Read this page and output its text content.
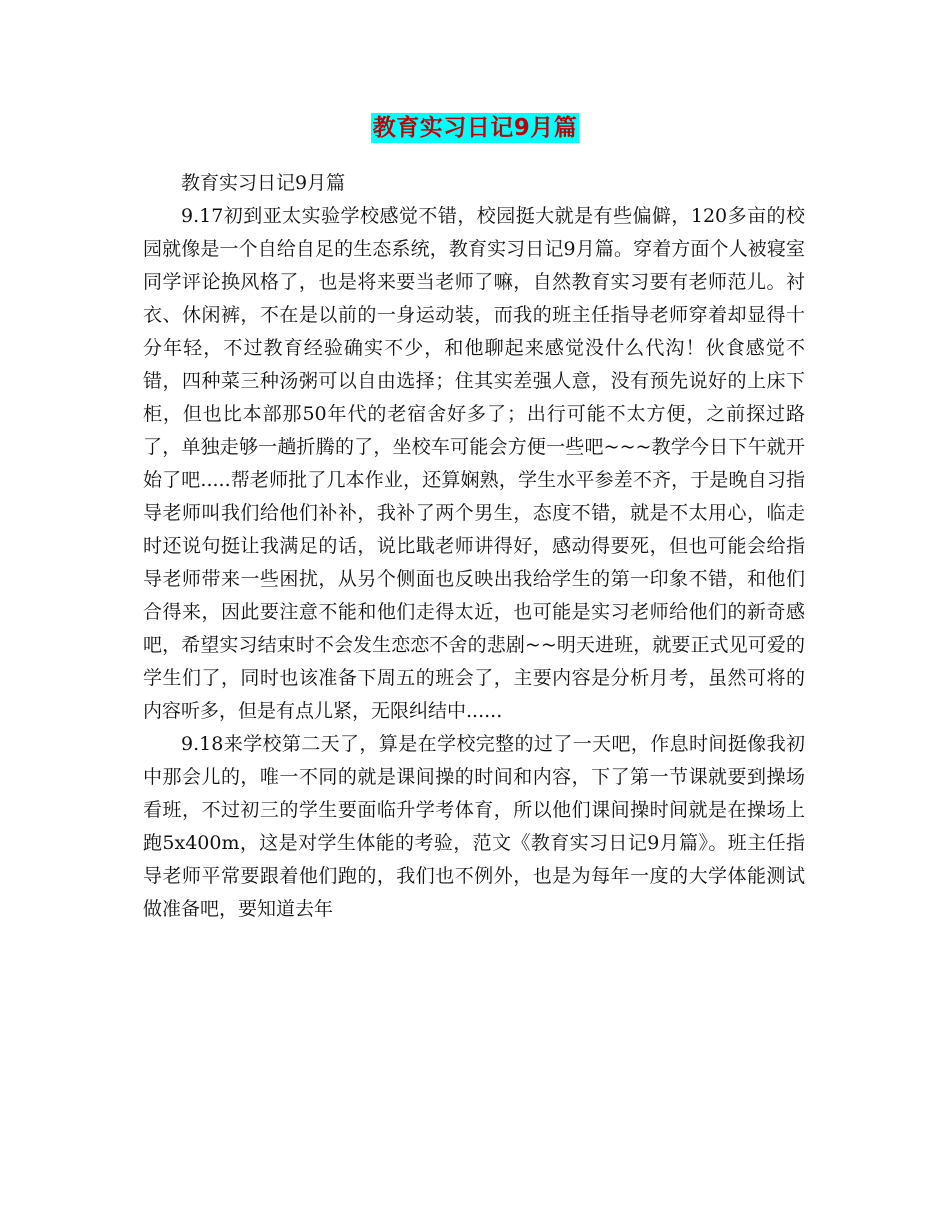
教育实习日记9月篇

教育实习日记9月篇

9.17初到亚太实验学校感觉不错，校园挺大就是有些偏僻，120多亩的校园就像是一个自给自足的生态系统，教育实习日记9月篇。穿着方面个人被寝室同学评论换风格了，也是将来要当老师了嘛，自然教育实习要有老师范儿。衬衣、休闲裤，不在是以前的一身运动装，而我的班主任指导老师穿着却显得十分年轻，不过教育经验确实不少，和他聊起来感觉没什么代沟！伙食感觉不错，四种菜三种汤粥可以自由选择；住其实差强人意，没有预先说好的上床下柜，但也比本部那50年代的老宿舍好多了；出行可能不太方便，之前探过路了，单独走够一趟折腾的了，坐校车可能会方便一些吧~~~教学今日下午就开始了吧.....帮老师批了几本作业，还算娴熟，学生水平参差不齐，于是晚自习指导老师叫我们给他们补补，我补了两个男生，态度不错，就是不太用心，临走时还说句挺让我满足的话，说比戢老师讲得好，感动得要死，但也可能会给指导老师带来一些困扰，从另个侧面也反映出我给学生的第一印象不错，和他们合得来，因此要注意不能和他们走得太近，也可能是实习老师给他们的新奇感吧，希望实习结束时不会发生恋恋不舍的悲剧~~明天进班，就要正式见可爱的学生们了，同时也该准备下周五的班会了，主要内容是分析月考，虽然可将的内容听多，但是有点儿紧，无限纠结中......

9.18来学校第二天了，算是在学校完整的过了一天吧，作息时间挺像我初中那会儿的，唯一不同的就是课间操的时间和内容，下了第一节课就要到操场看班，不过初三的学生要面临升学考体育，所以他们课间操时间就是在操场上跑5x400m，这是对学生体能的考验，范文《教育实习日记9月篇》。班主任指导老师平常要跟着他们跑的，我们也不例外，也是为每年一度的大学体能测试做准备吧，要知道去年
